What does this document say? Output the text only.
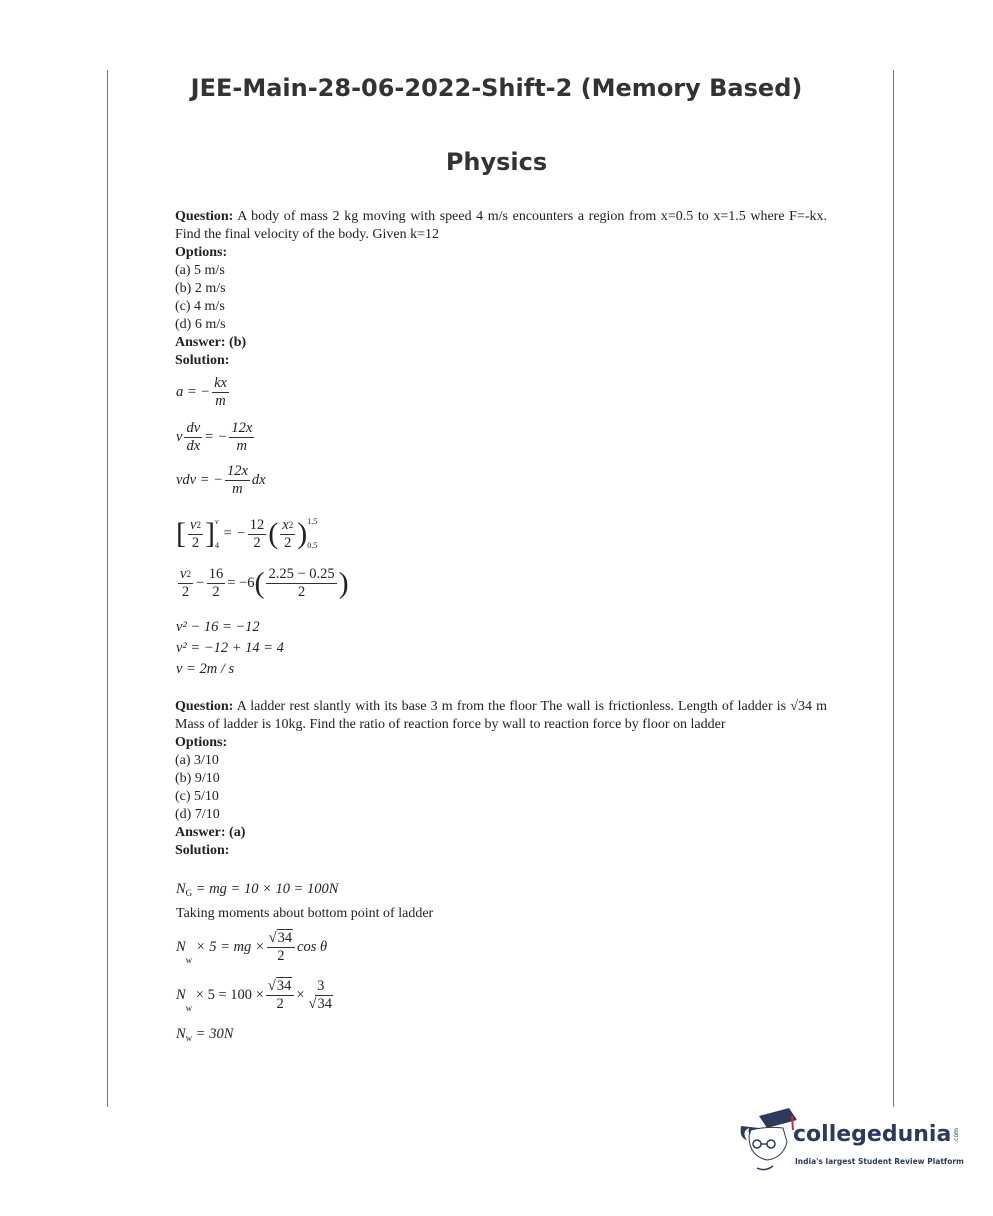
JEE-Main-28-06-2022-Shift-2 (Memory Based)
Physics
Question: A body of mass 2 kg moving with speed 4 m/s encounters a region from x=0.5 to x=1.5 where F=-kx. Find the final velocity of the body. Given k=12
Options:
(a) 5 m/s
(b) 2 m/s
(c) 4 m/s
(d) 6 m/s
Answer: (b)
Solution:
a = − $\frac{kx}{m}$
v $\frac{dv}{dx}$ = − $\frac{12x}{m}$
vdv = − $\frac{12x}{m}$ dx
[ $\frac{v^2}{2}$ ] v
4
= − $\frac{12}{2}$ ( $\frac{x^2}{2}$ ) 1.5
0.5
$\frac{v^2}{2} - \frac{16}{2} = -6( \frac{2.25 - 0.25}{2}$ )
v² − 16 = −12
v² = −12 + 14 = 4
v = 2m / s
Question: A ladder rest slantly with its base 3 m from the floor The wall is frictionless. Length of ladder is √34 m Mass of ladder is 10kg. Find the ratio of reaction force by wall to reaction force by floor on ladder
Options:
(a) 3/10
(b) 9/10
(c) 5/10
(d) 7/10
Answer: (a)
Solution:
NG = mg = 10 × 10 = 100N
Taking moments about bottom point of ladder
Nw × 5 = mg × $\frac{√34}{2}$ cos θ
$Nw \times 5 = 100 \times \frac{√34}{2} \times \frac{3}{√34}$
Nw = 30N
collegedunia .com
India's largest Student Review Platform
